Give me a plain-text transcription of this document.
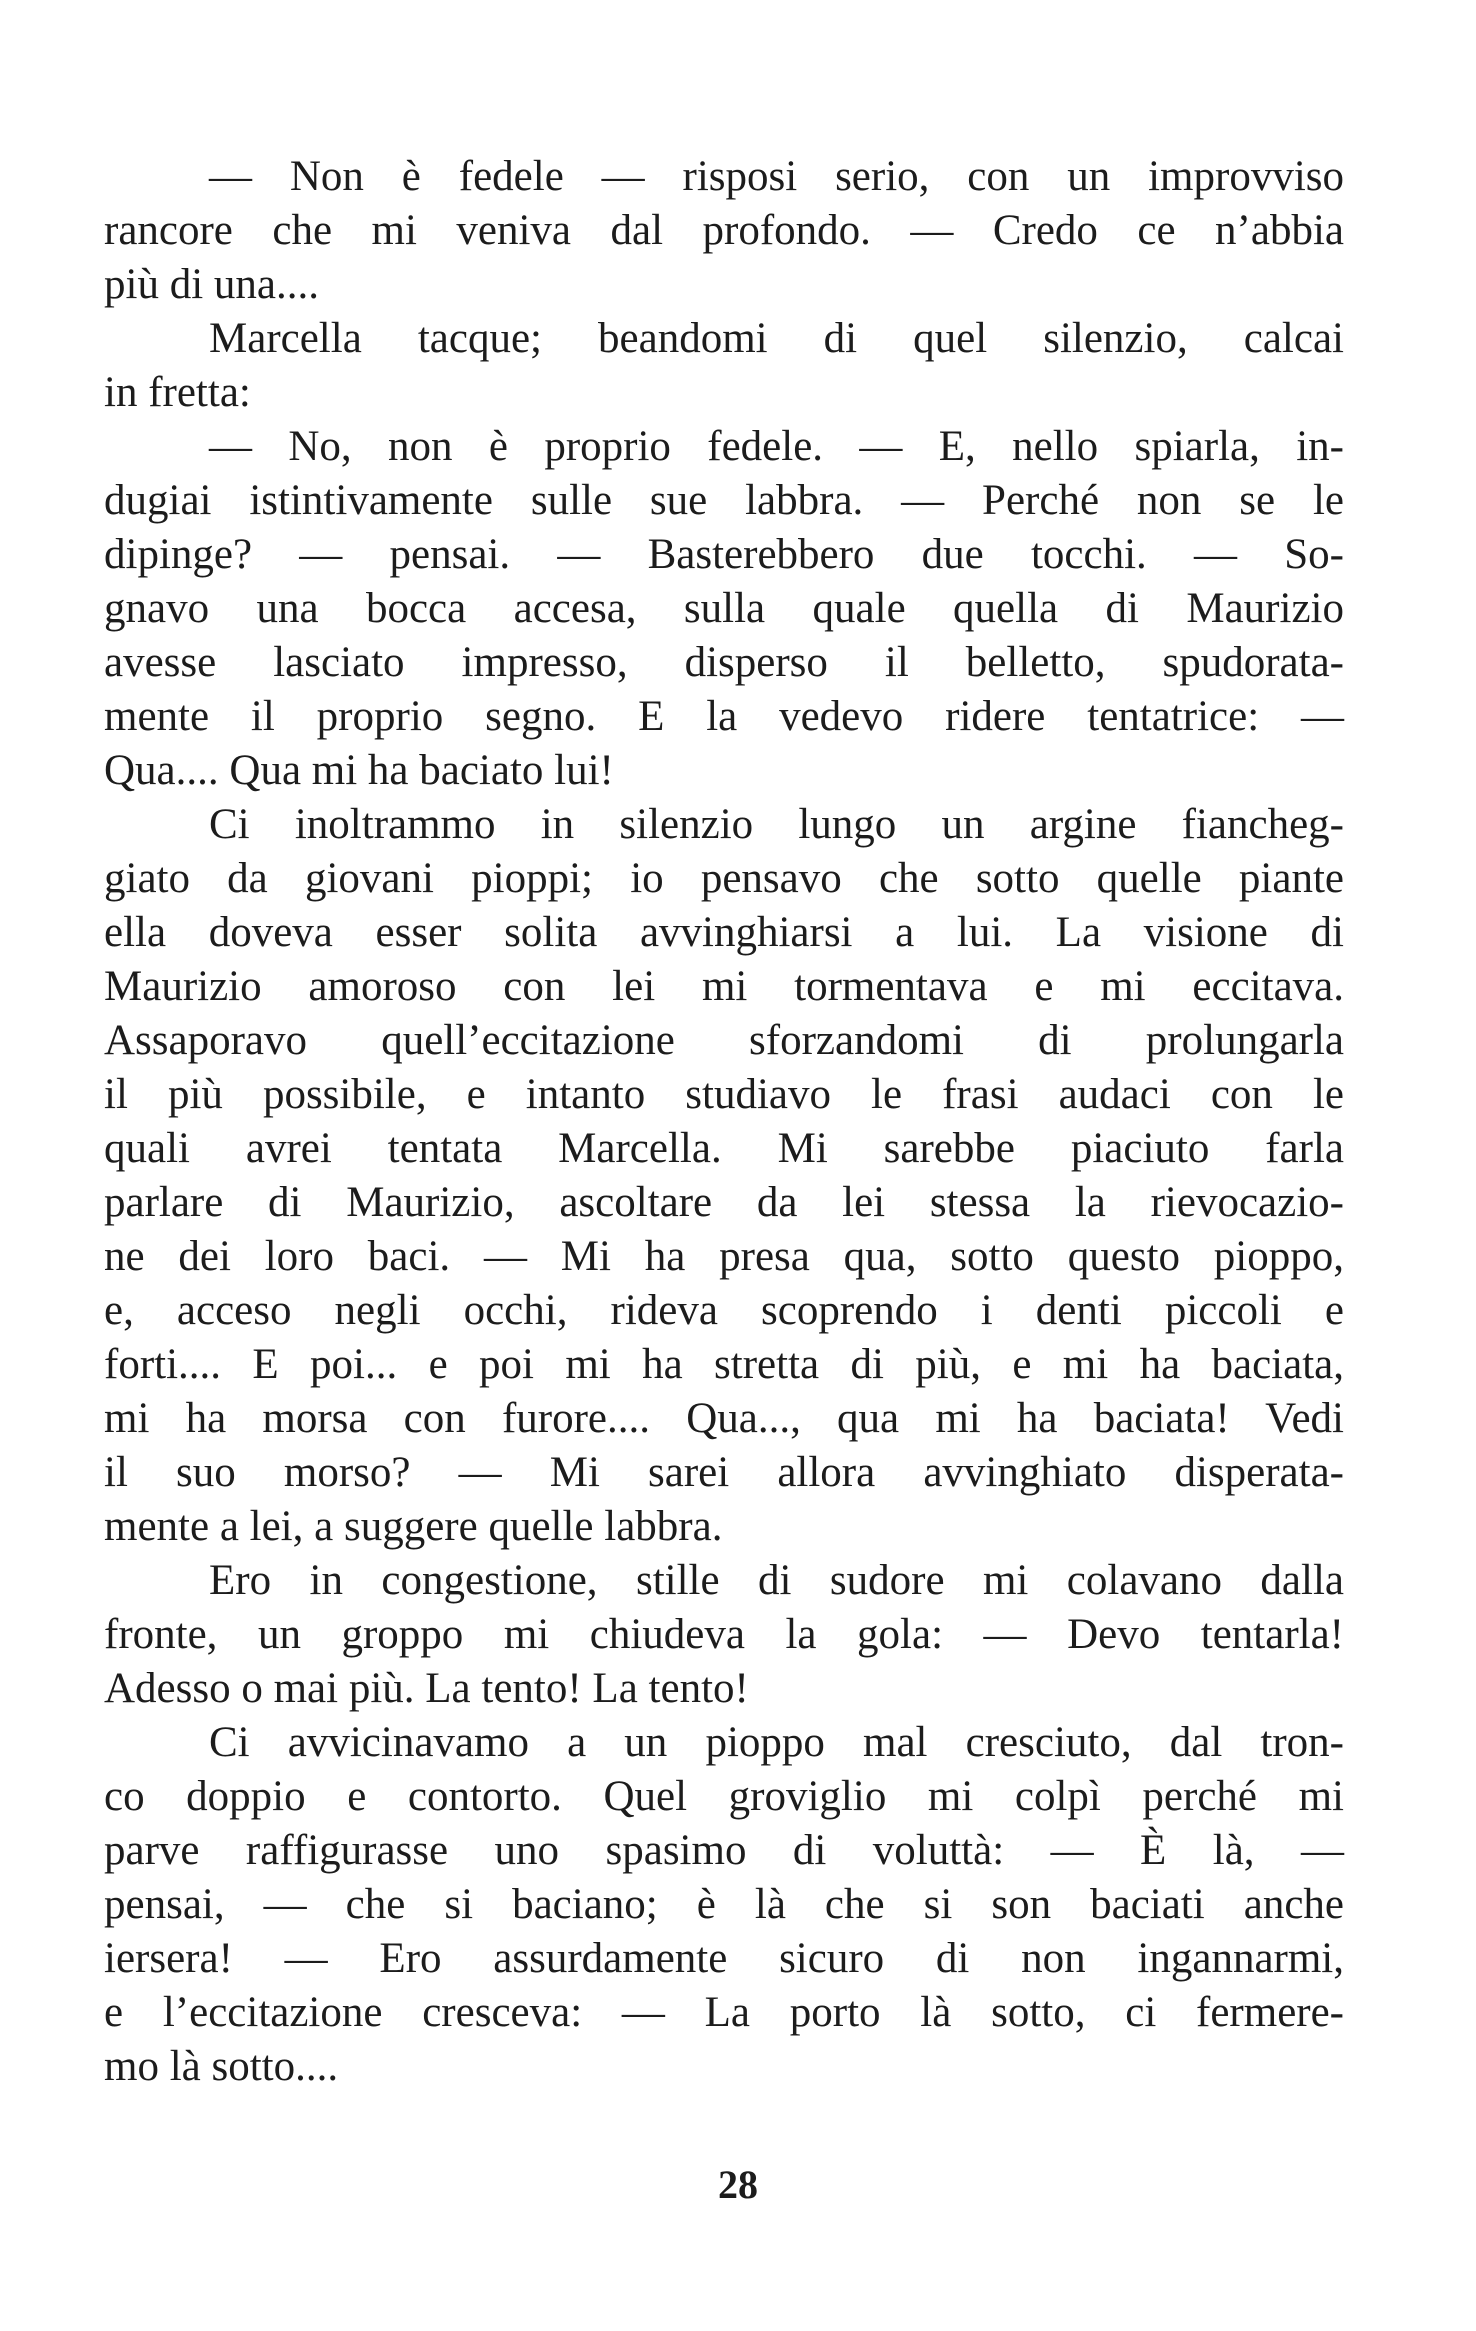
— Non è fedele — risposi serio, con un improvviso
rancore che mi veniva dal profondo. — Credo ce n’abbia
più di una....
Marcella tacque; beandomi di quel silenzio, calcai
in fretta:
— No, non è proprio fedele. — E, nello spiarla, in-
dugiai istintivamente sulle sue labbra. — Perché non se le
dipinge? — pensai. — Basterebbero due tocchi. — So-
gnavo una bocca accesa, sulla quale quella di Maurizio
avesse lasciato impresso, disperso il belletto, spudorata-
mente il proprio segno. E la vedevo ridere tentatrice: —
Qua.... Qua mi ha baciato lui!
Ci inoltrammo in silenzio lungo un argine fiancheg-
giato da giovani pioppi; io pensavo che sotto quelle piante
ella doveva esser solita avvinghiarsi a lui. La visione di
Maurizio amoroso con lei mi tormentava e mi eccitava.
Assaporavo quell’eccitazione sforzandomi di prolungarla
il più possibile, e intanto studiavo le frasi audaci con le
quali avrei tentata Marcella. Mi sarebbe piaciuto farla
parlare di Maurizio, ascoltare da lei stessa la rievocazio-
ne dei loro baci. — Mi ha presa qua, sotto questo pioppo,
e, acceso negli occhi, rideva scoprendo i denti piccoli e
forti.... E poi... e poi mi ha stretta di più, e mi ha baciata,
mi ha morsa con furore.... Qua..., qua mi ha baciata! Vedi
il suo morso? — Mi sarei allora avvinghiato disperata-
mente a lei, a suggere quelle labbra.
Ero in congestione, stille di sudore mi colavano dalla
fronte, un groppo mi chiudeva la gola: — Devo tentarla!
Adesso o mai più. La tento! La tento!
Ci avvicinavamo a un pioppo mal cresciuto, dal tron-
co doppio e contorto. Quel groviglio mi colpì perché mi
parve raffigurasse uno spasimo di voluttà: — È là, —
pensai, — che si baciano; è là che si son baciati anche
iersera! — Ero assurdamente sicuro di non ingannarmi,
e l’eccitazione cresceva: — La porto là sotto, ci fermere-
mo là sotto....
28
